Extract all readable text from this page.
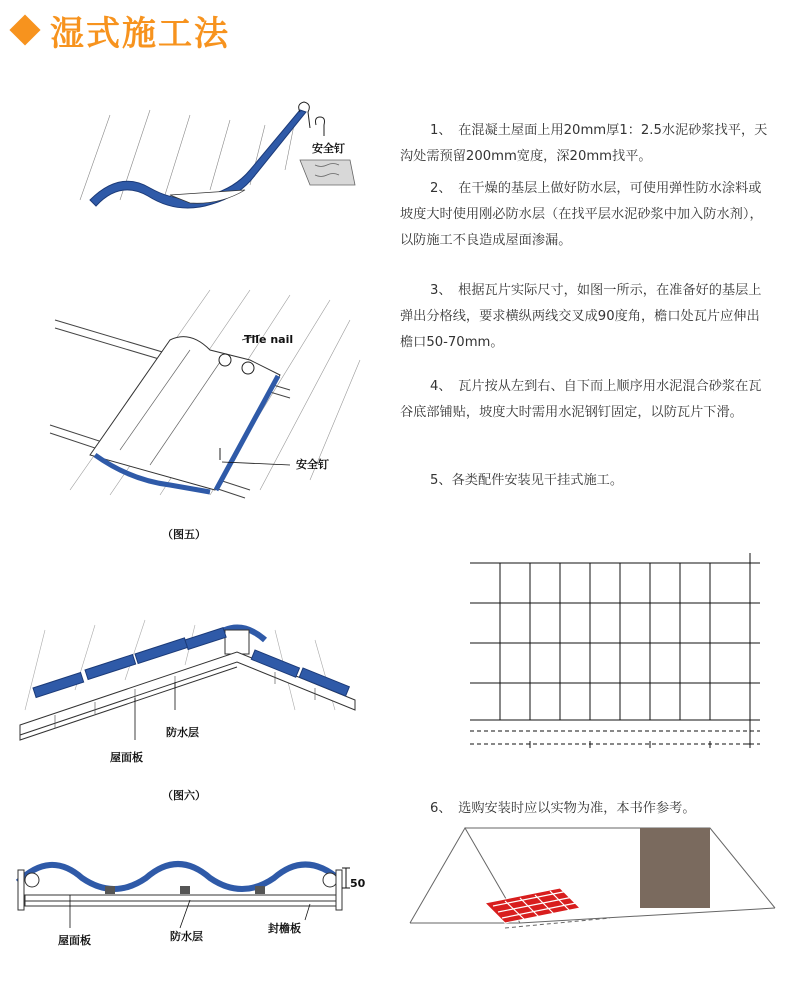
湿式施工法
1、　在混凝土屋面上用20mm厚1：2.5水泥砂浆找平，天沟处需预留200mm宽度，深20mm找平。
2、　在干燥的基层上做好防水层，可使用弹性防水涂料或坡度大时使用刚必防水层（在找平层水泥砂浆中加入防水剂），以防施工不良造成屋面渗漏。
3、　根据瓦片实际尺寸，如图一所示，在准备好的基层上弹出分格线，要求横纵两线交叉成90度角，檐口处瓦片应伸出檐口50-70mm。
4、　瓦片按从左到右、自下而上顺序用水泥混合砂浆在瓦谷底部铺贴，坡度大时需用水泥钢钉固定，以防瓦片下滑。
5、各类配件安装见干挂式施工。
6、　选购安装时应以实物为准，本书作参考。
安全钉
Tile nail
安全钉
（图五）
防水层
屋面板
（图六）
50
屋面板	防水层
封檐板
